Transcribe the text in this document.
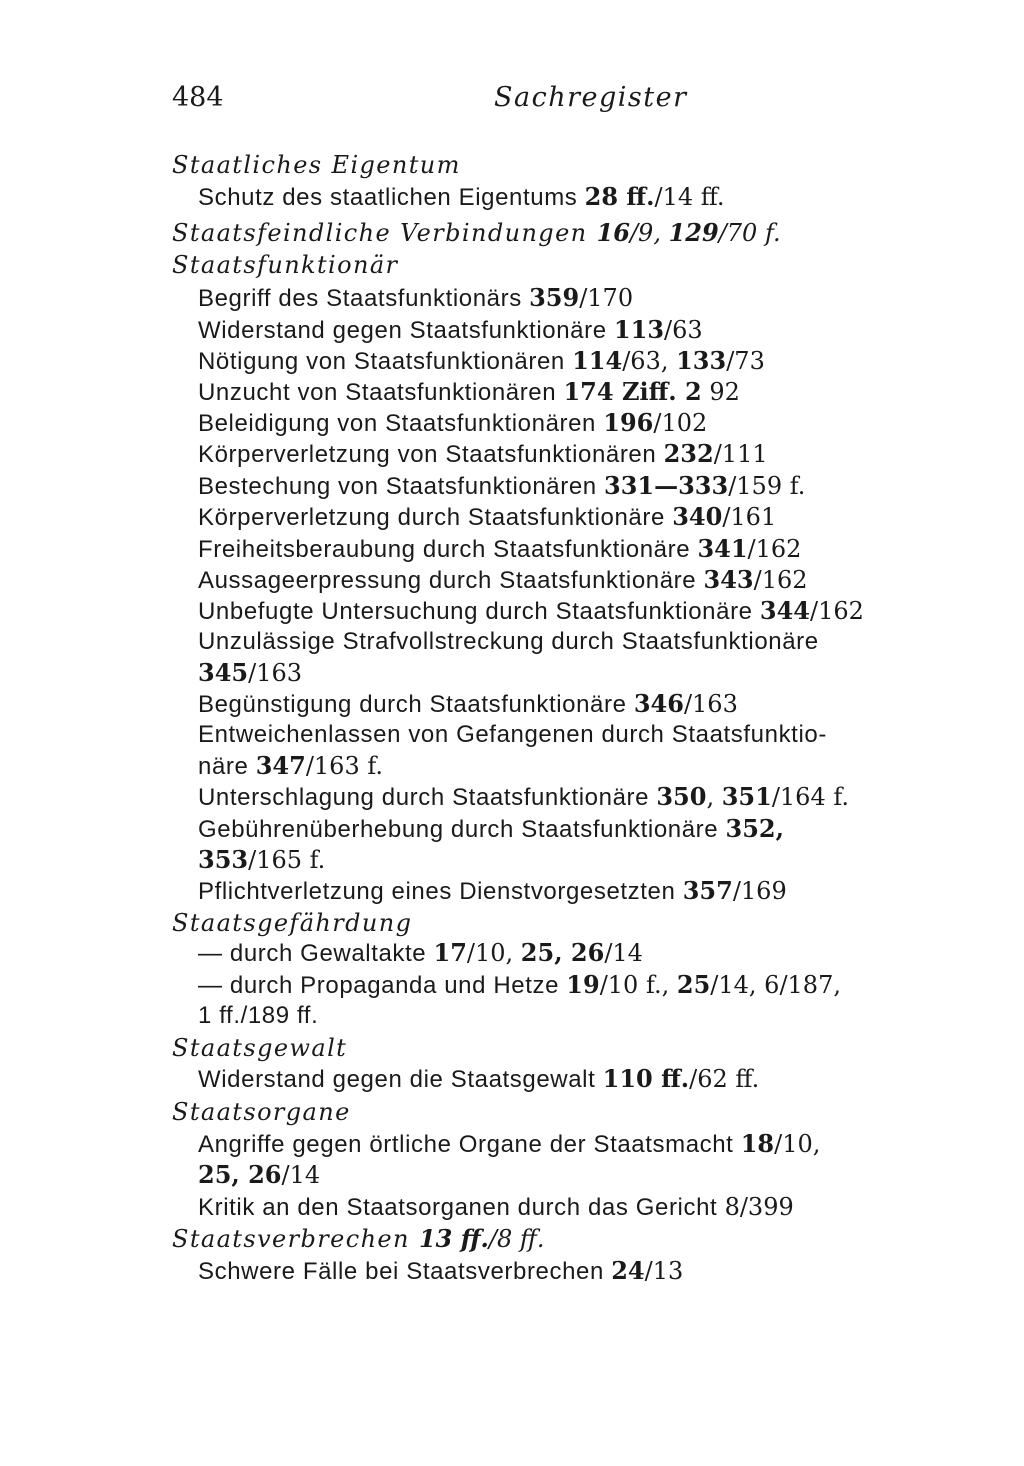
484	Sachregister
Staatliches Eigentum
Schutz des staatlichen Eigentums 28 ff./14 ff.
Staatsfeindliche Verbindungen 16/9, 129/70 f.
Staatsfunktionär
Begriff des Staatsfunktionärs 359/170
Widerstand gegen Staatsfunktionäre 113/63
Nötigung von Staatsfunktionären 114/63, 133/73
Unzucht von Staatsfunktionären 174 Ziff. 2 92
Beleidigung von Staatsfunktionären 196/102
Körperverletzung von Staatsfunktionären 232/111
Bestechung von Staatsfunktionären 331—333/159 f.
Körperverletzung durch Staatsfunktionäre 340/161
Freiheitsberaubung durch Staatsfunktionäre 341/162
Aussageerpressung durch Staatsfunktionäre 343/162
Unbefugte Untersuchung durch Staatsfunktionäre 344/162
Unzulässige Strafvollstreckung durch Staatsfunktionäre
345/163
Begünstigung durch Staatsfunktionäre 346/163
Entweichenlassen von Gefangenen durch Staatsfunktio-
näre 347/163 f.
Unterschlagung durch Staatsfunktionäre 350, 351/164 f.
Gebührenüberhebung durch Staatsfunktionäre 352,
353/165 f.
Pflichtverletzung eines Dienstvorgesetzten 357/169
Staatsgefährdung
— durch Gewaltakte 17/10, 25, 26/14
— durch Propaganda und Hetze 19/10 f., 25/14, 6/187,
1 ff./189 ff.
Staatsgewalt
Widerstand gegen die Staatsgewalt 110 ff./62 ff.
Staatsorgane
Angriffe gegen örtliche Organe der Staatsmacht 18/10,
25, 26/14
Kritik an den Staatsorganen durch das Gericht 8/399
Staatsverbrechen 13 ff./8 ff.
Schwere Fälle bei Staatsverbrechen 24/13
